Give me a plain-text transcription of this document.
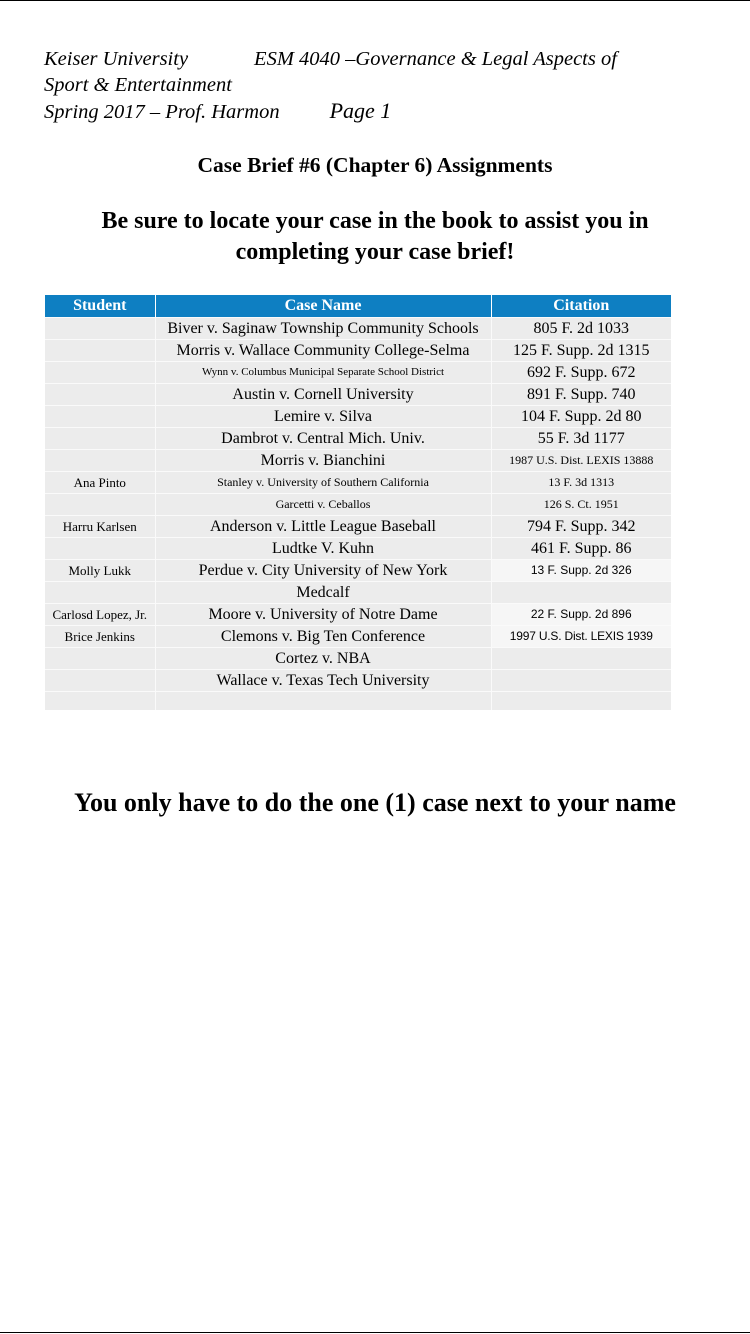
Keiser University	ESM 4040 –Governance & Legal Aspects of
Sport & Entertainment
Spring 2017 – Prof. Harmon Page 1
Case Brief #6 (Chapter 6) Assignments
Be sure to locate your case in the book to assist you in completing your case brief!
Student	Case Name	Citation
	Biver v. Saginaw Township Community Schools	805 F. 2d 1033
	Morris v. Wallace Community College-Selma	125 F. Supp. 2d 1315
	Wynn v. Columbus Municipal Separate School District	692 F. Supp. 672
	Austin v. Cornell University	891 F. Supp. 740
	Lemire v. Silva	104 F. Supp. 2d 80
	Dambrot v. Central Mich. Univ.	55 F. 3d 1177
	Morris v. Bianchini	1987 U.S. Dist. LEXIS 13888
Ana Pinto	Stanley v. University of Southern California	13 F. 3d 1313
	Garcetti v. Ceballos	126 S. Ct. 1951
Harru Karlsen	Anderson v. Little League Baseball	794 F. Supp. 342
	Ludtke V. Kuhn	461 F. Supp. 86
Molly Lukk	Perdue v. City University of New York	13 F. Supp. 2d 326
	Medcalf	
Carlosd Lopez, Jr.	Moore v. University of Notre Dame	22 F. Supp. 2d 896
Brice Jenkins	Clemons v. Big Ten Conference	1997 U.S. Dist. LEXIS 1939
	Cortez v. NBA	
	Wallace v. Texas Tech University	

You only have to do the one (1) case next to your name
